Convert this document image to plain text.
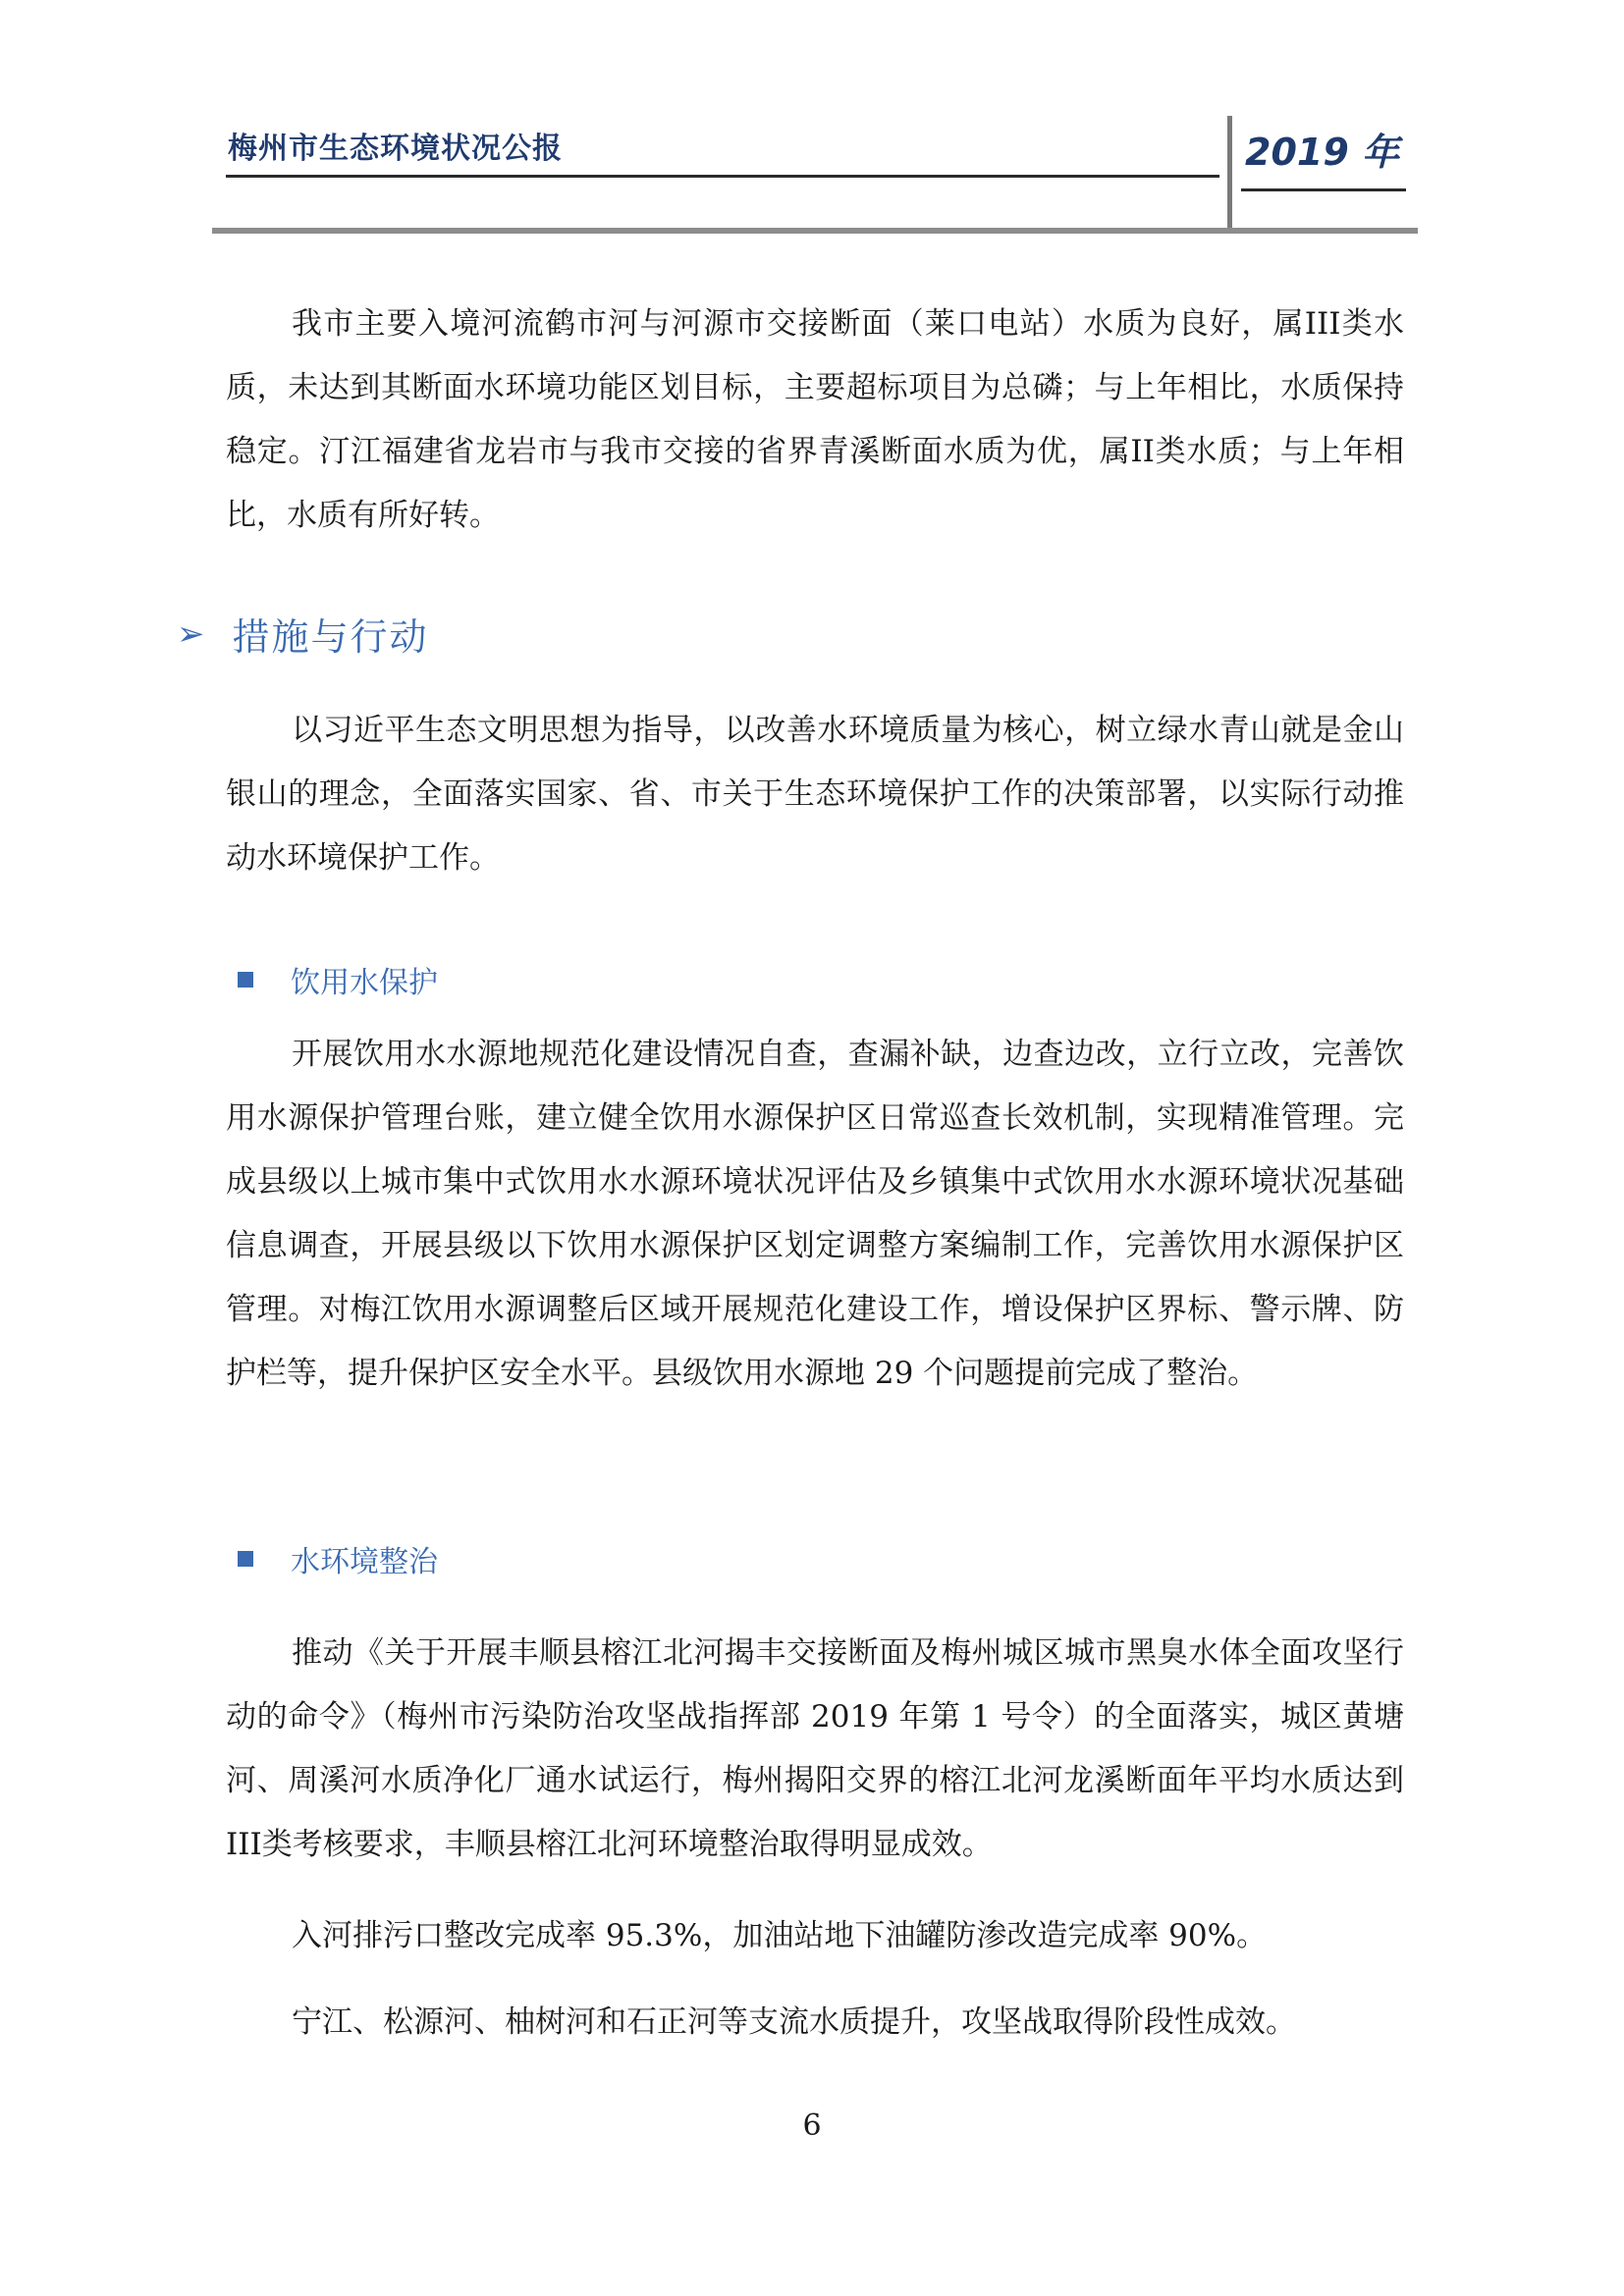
梅州市生态环境状况公报	2019 年

我市主要入境河流鹤市河与河源市交接断面（莱口电站）水质为良好，属III类水质，未达到其断面水环境功能区划目标，主要超标项目为总磷；与上年相比，水质保持稳定。汀江福建省龙岩市与我市交接的省界青溪断面水质为优，属II类水质；与上年相比，水质有所好转。

➢ 措施与行动

以习近平生态文明思想为指导，以改善水环境质量为核心，树立绿水青山就是金山银山的理念，全面落实国家、省、市关于生态环境保护工作的决策部署，以实际行动推动水环境保护工作。

饮用水保护

开展饮用水水源地规范化建设情况自查，查漏补缺，边查边改，立行立改，完善饮用水源保护管理台账，建立健全饮用水源保护区日常巡查长效机制，实现精准管理。完成县级以上城市集中式饮用水水源环境状况评估及乡镇集中式饮用水水源环境状况基础信息调查，开展县级以下饮用水源保护区划定调整方案编制工作，完善饮用水源保护区管理。对梅江饮用水源调整后区域开展规范化建设工作，增设保护区界标、警示牌、防护栏等，提升保护区安全水平。县级饮用水源地 29 个问题提前完成了整治。

水环境整治

推动《关于开展丰顺县榕江北河揭丰交接断面及梅州城区城市黑臭水体全面攻坚行动的命令》（梅州市污染防治攻坚战指挥部 2019 年第 1 号令）的全面落实，城区黄塘河、周溪河水质净化厂通水试运行，梅州揭阳交界的榕江北河龙溪断面年平均水质达到III类考核要求，丰顺县榕江北河环境整治取得明显成效。

入河排污口整改完成率 95.3%，加油站地下油罐防渗改造完成率 90%。

宁江、松源河、柚树河和石正河等支流水质提升，攻坚战取得阶段性成效。

6
